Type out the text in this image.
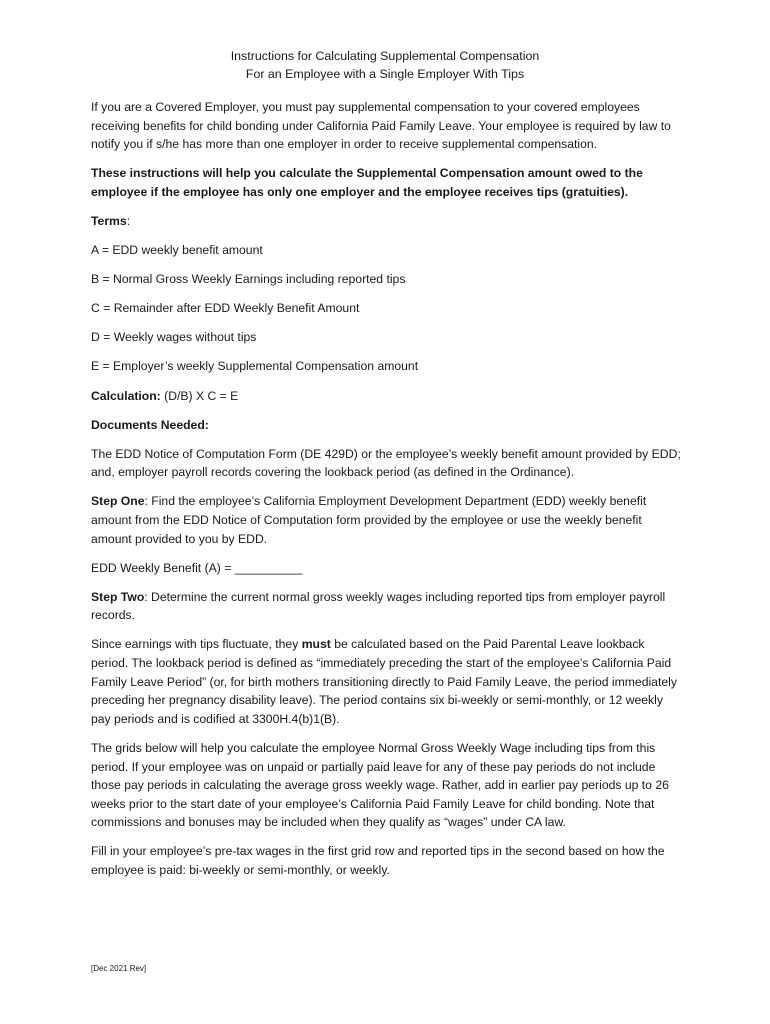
Instructions for Calculating Supplemental Compensation
For an Employee with a Single Employer With Tips

If you are a Covered Employer, you must pay supplemental compensation to your covered employees receiving benefits for child bonding under California Paid Family Leave. Your employee is required by law to notify you if s/he has more than one employer in order to receive supplemental compensation.

These instructions will help you calculate the Supplemental Compensation amount owed to the employee if the employee has only one employer and the employee receives tips (gratuities).

Terms:

A = EDD weekly benefit amount

B = Normal Gross Weekly Earnings including reported tips

C = Remainder after EDD Weekly Benefit Amount

D = Weekly wages without tips

E = Employer’s weekly Supplemental Compensation amount

Calculation: (D/B) X C = E

Documents Needed:

The EDD Notice of Computation Form (DE 429D) or the employee’s weekly benefit amount provided by EDD; and, employer payroll records covering the lookback period (as defined in the Ordinance).

Step One: Find the employee’s California Employment Development Department (EDD) weekly benefit amount from the EDD Notice of Computation form provided by the employee or use the weekly benefit amount provided to you by EDD.

EDD Weekly Benefit (A) = __________

Step Two: Determine the current normal gross weekly wages including reported tips from employer payroll records.

Since earnings with tips fluctuate, they must be calculated based on the Paid Parental Leave lookback period. The lookback period is defined as “immediately preceding the start of the employee’s California Paid Family Leave Period” (or, for birth mothers transitioning directly to Paid Family Leave, the period immediately preceding her pregnancy disability leave). The period contains six bi-weekly or semi-monthly, or 12 weekly pay periods and is codified at 3300H.4(b)1(B).

The grids below will help you calculate the employee Normal Gross Weekly Wage including tips from this period. If your employee was on unpaid or partially paid leave for any of these pay periods do not include those pay periods in calculating the average gross weekly wage. Rather, add in earlier pay periods up to 26 weeks prior to the start date of your employee’s California Paid Family Leave for child bonding. Note that commissions and bonuses may be included when they qualify as “wages” under CA law.

Fill in your employee’s pre-tax wages in the first grid row and reported tips in the second based on how the employee is paid: bi-weekly or semi-monthly, or weekly.

[Dec 2021 Rev]
